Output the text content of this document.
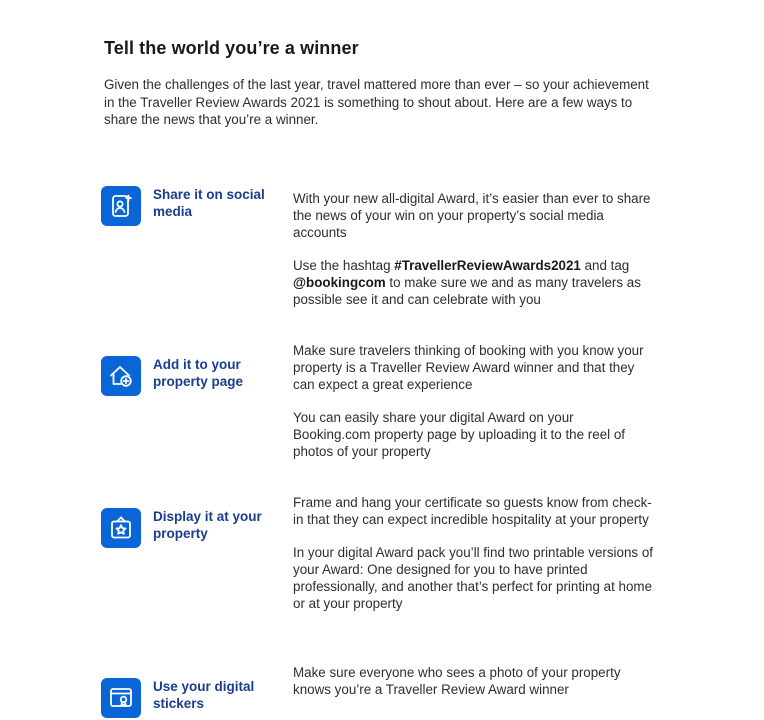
Tell the world you’re a winner

Given the challenges of the last year, travel mattered more than ever – so your achievement in the Traveller Review Awards 2021 is something to shout about. Here are a few ways to share the news that you’re a winner.

Share it on social media

With your new all-digital Award, it’s easier than ever to share the news of your win on your property’s social media accounts

Use the hashtag #TravellerReviewAwards2021 and tag @bookingcom to make sure we and as many travelers as possible see it and can celebrate with you

Add it to your property page

Make sure travelers thinking of booking with you know your property is a Traveller Review Award winner and that they can expect a great experience

You can easily share your digital Award on your Booking.com property page by uploading it to the reel of photos of your property

Display it at your property

Frame and hang your certificate so guests know from check-in that they can expect incredible hospitality at your property

In your digital Award pack you’ll find two printable versions of your Award: One designed for you to have printed professionally, and another that’s perfect for printing at home or at your property

Use your digital stickers

Make sure everyone who sees a photo of your property knows you’re a Traveller Review Award winner
